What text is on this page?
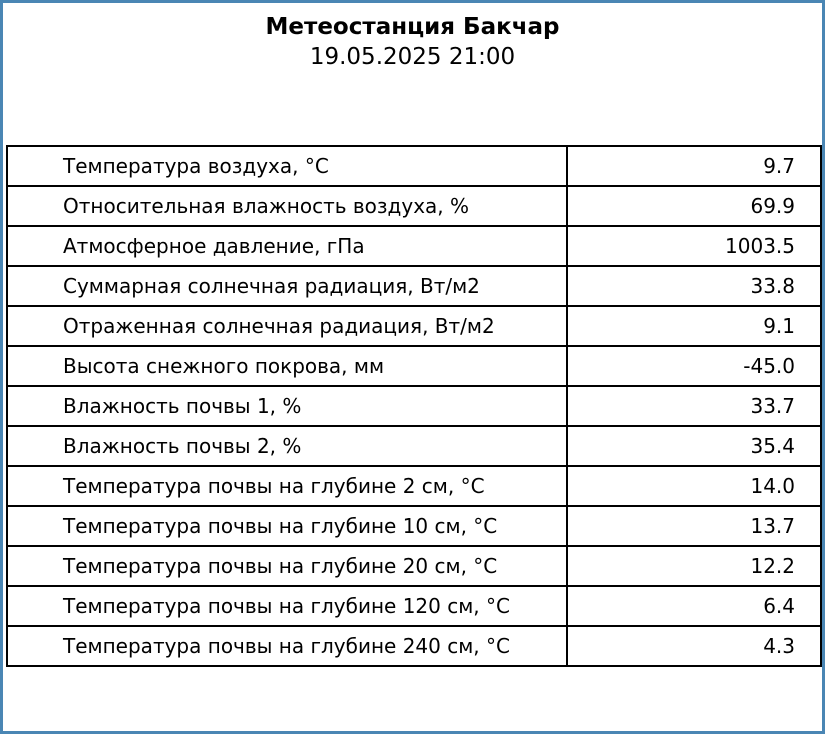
Метеостанция Бакчар
19.05.2025 21:00
Температура воздуха, °С	9.7
Относительная влажность воздуха, %	69.9
Атмосферное давление, гПа	1003.5
Суммарная солнечная радиация, Вт/м2	33.8
Отраженная солнечная радиация, Вт/м2	9.1
Высота снежного покрова, мм	-45.0
Влажность почвы 1, %	33.7
Влажность почвы 2, %	35.4
Температура почвы на глубине 2 см, °С	14.0
Температура почвы на глубине 10 см, °С	13.7
Температура почвы на глубине 20 см, °С	12.2
Температура почвы на глубине 120 см, °С	6.4
Температура почвы на глубине 240 см, °С	4.3
